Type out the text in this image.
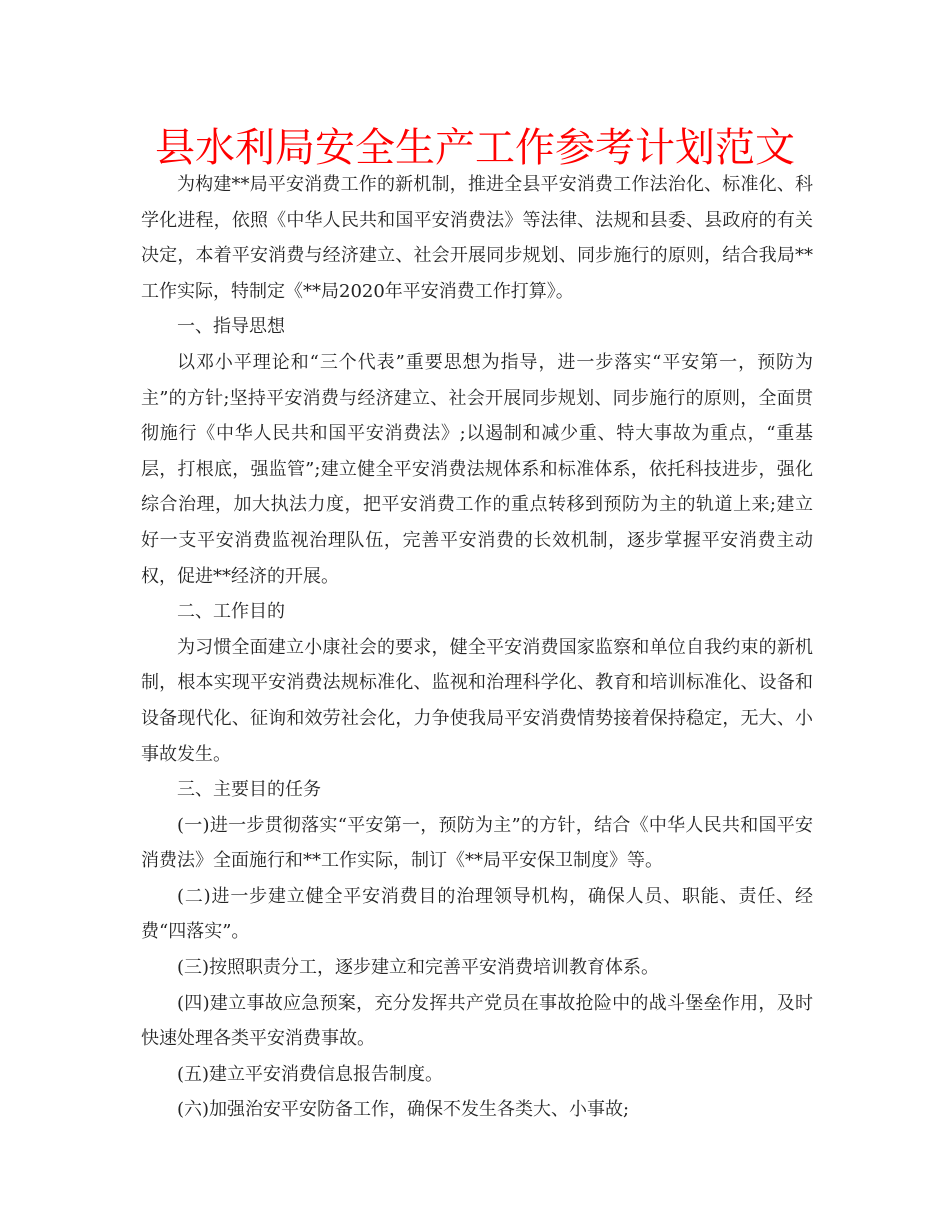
县水利局安全生产工作参考计划范文

为构建**局平安消费工作的新机制，推进全县平安消费工作法治化、标准化、科学化进程，依照《中华人民共和国平安消费法》等法律、法规和县委、县政府的有关决定，本着平安消费与经济建立、社会开展同步规划、同步施行的原则，结合我局**工作实际，特制定《**局2020年平安消费工作打算》。

一、指导思想

以邓小平理论和“三个代表”重要思想为指导，进一步落实“平安第一，预防为主”的方针;坚持平安消费与经济建立、社会开展同步规划、同步施行的原则，全面贯彻施行《中华人民共和国平安消费法》;以遏制和减少重、特大事故为重点，“重基层，打根底，强监管”;建立健全平安消费法规体系和标准体系，依托科技进步，强化综合治理，加大执法力度，把平安消费工作的重点转移到预防为主的轨道上来;建立好一支平安消费监视治理队伍，完善平安消费的长效机制，逐步掌握平安消费主动权，促进**经济的开展。

二、工作目的

为习惯全面建立小康社会的要求，健全平安消费国家监察和单位自我约束的新机制，根本实现平安消费法规标准化、监视和治理科学化、教育和培训标准化、设备和设备现代化、征询和效劳社会化，力争使我局平安消费情势接着保持稳定，无大、小事故发生。

三、主要目的任务

(一)进一步贯彻落实“平安第一，预防为主”的方针，结合《中华人民共和国平安消费法》全面施行和**工作实际，制订《**局平安保卫制度》等。

(二)进一步建立健全平安消费目的治理领导机构，确保人员、职能、责任、经费“四落实”。

(三)按照职责分工，逐步建立和完善平安消费培训教育体系。

(四)建立事故应急预案，充分发挥共产党员在事故抢险中的战斗堡垒作用，及时快速处理各类平安消费事故。

(五)建立平安消费信息报告制度。

(六)加强治安平安防备工作，确保不发生各类大、小事故;
